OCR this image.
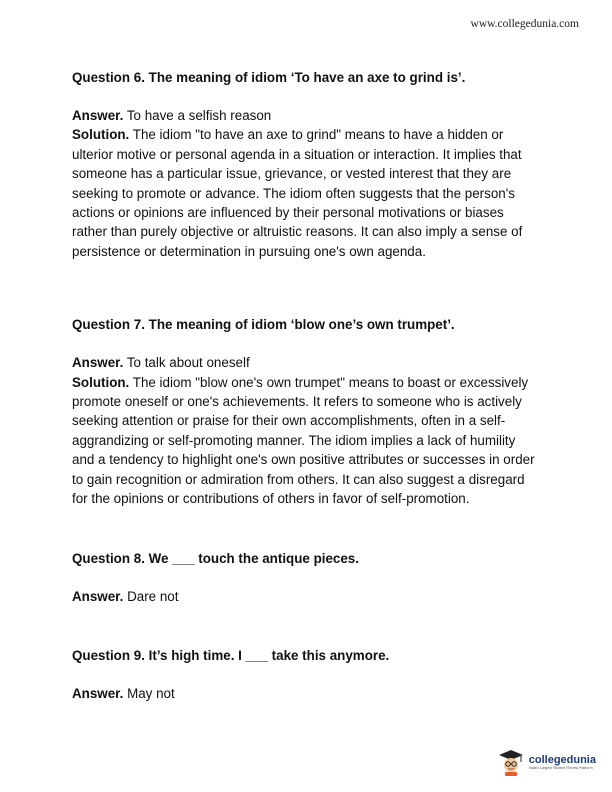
www.collegedunia.com

Question 6. The meaning of idiom ‘To have an axe to grind is’.

Answer. To have a selfish reason

Solution. The idiom "to have an axe to grind" means to have a hidden or ulterior motive or personal agenda in a situation or interaction. It implies that someone has a particular issue, grievance, or vested interest that they are seeking to promote or advance. The idiom often suggests that the person's actions or opinions are influenced by their personal motivations or biases rather than purely objective or altruistic reasons. It can also imply a sense of persistence or determination in pursuing one's own agenda.

Question 7. The meaning of idiom ‘blow one’s own trumpet’.

Answer. To talk about oneself

Solution. The idiom "blow one's own trumpet" means to boast or excessively promote oneself or one's achievements. It refers to someone who is actively seeking attention or praise for their own accomplishments, often in a self-aggrandizing or self-promoting manner. The idiom implies a lack of humility and a tendency to highlight one's own positive attributes or successes in order to gain recognition or admiration from others. It can also suggest a disregard for the opinions or contributions of others in favor of self-promotion.

Question 8. We ___ touch the antique pieces.

Answer. Dare not

Question 9. It’s high time. I ___ take this anymore.

Answer. May not

collegedunia
India's Largest Student Review Platform
